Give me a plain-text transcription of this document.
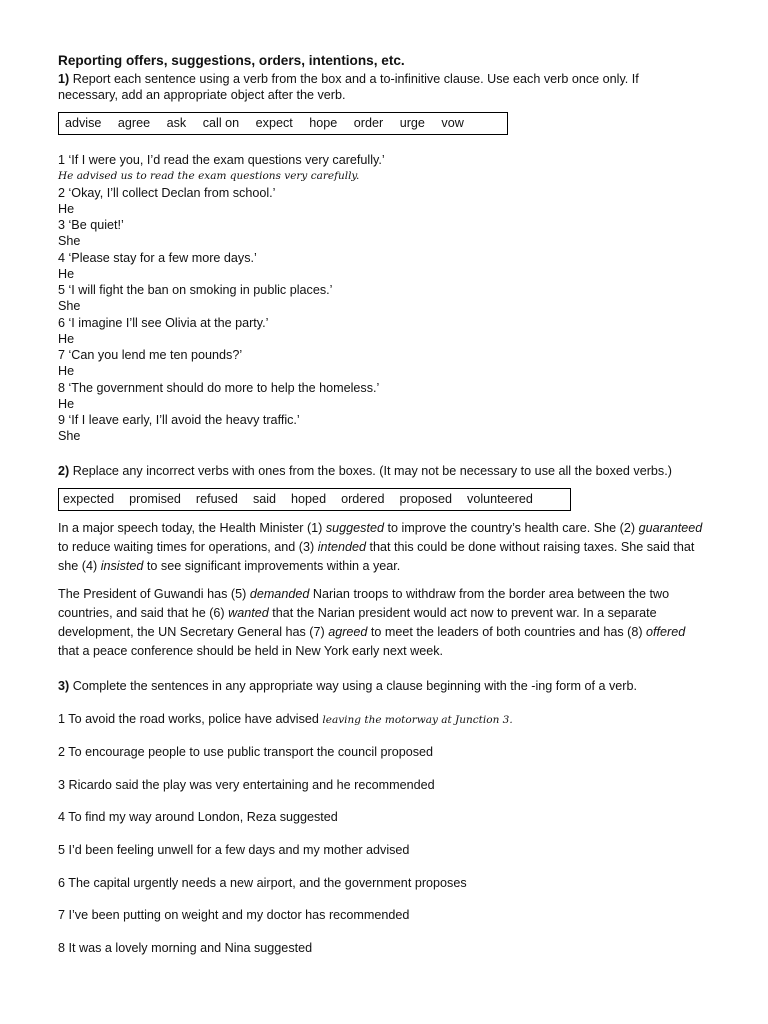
Reporting offers, suggestions, orders, intentions, etc.
1) Report each sentence using a verb from the box and a to-infinitive clause. Use each verb once only. If necessary, add an appropriate object after the verb.
advise agree ask call on expect hope order urge vow
1 ‘If I were you, I’d read the exam questions very carefully.’
He advised us to read the exam questions very carefully.
2 ‘Okay, I’ll collect Declan from school.’
He
3 ‘Be quiet!’
She
4 ‘Please stay for a few more days.’
He
5 ‘I will fight the ban on smoking in public places.’
She
6 ‘I imagine I’ll see Olivia at the party.’
He
7 ‘Can you lend me ten pounds?’
He
8 ‘The government should do more to help the homeless.’
He
9 ‘If I leave early, I’ll avoid the heavy traffic.’
She
2) Replace any incorrect verbs with ones from the boxes. (It may not be necessary to use all the boxed verbs.)
expected promised refused said hoped ordered proposed volunteered
In a major speech today, the Health Minister (1) suggested to improve the country’s health care. She (2) guaranteed to reduce waiting times for operations, and (3) intended that this could be done without raising taxes. She said that she (4) insisted to see significant improvements within a year.
The President of Guwandi has (5) demanded Narian troops to withdraw from the border area between the two countries, and said that he (6) wanted that the Narian president would act now to prevent war. In a separate development, the UN Secretary General has (7) agreed to meet the leaders of both countries and has (8) offered that a peace conference should be held in New York early next week.
3) Complete the sentences in any appropriate way using a clause beginning with the -ing form of a verb.
1 To avoid the road works, police have advised leaving the motorway at Junction 3.
2 To encourage people to use public transport the council proposed
3 Ricardo said the play was very entertaining and he recommended
4 To find my way around London, Reza suggested
5 I’d been feeling unwell for a few days and my mother advised
6 The capital urgently needs a new airport, and the government proposes
7 I’ve been putting on weight and my doctor has recommended
8 It was a lovely morning and Nina suggested
